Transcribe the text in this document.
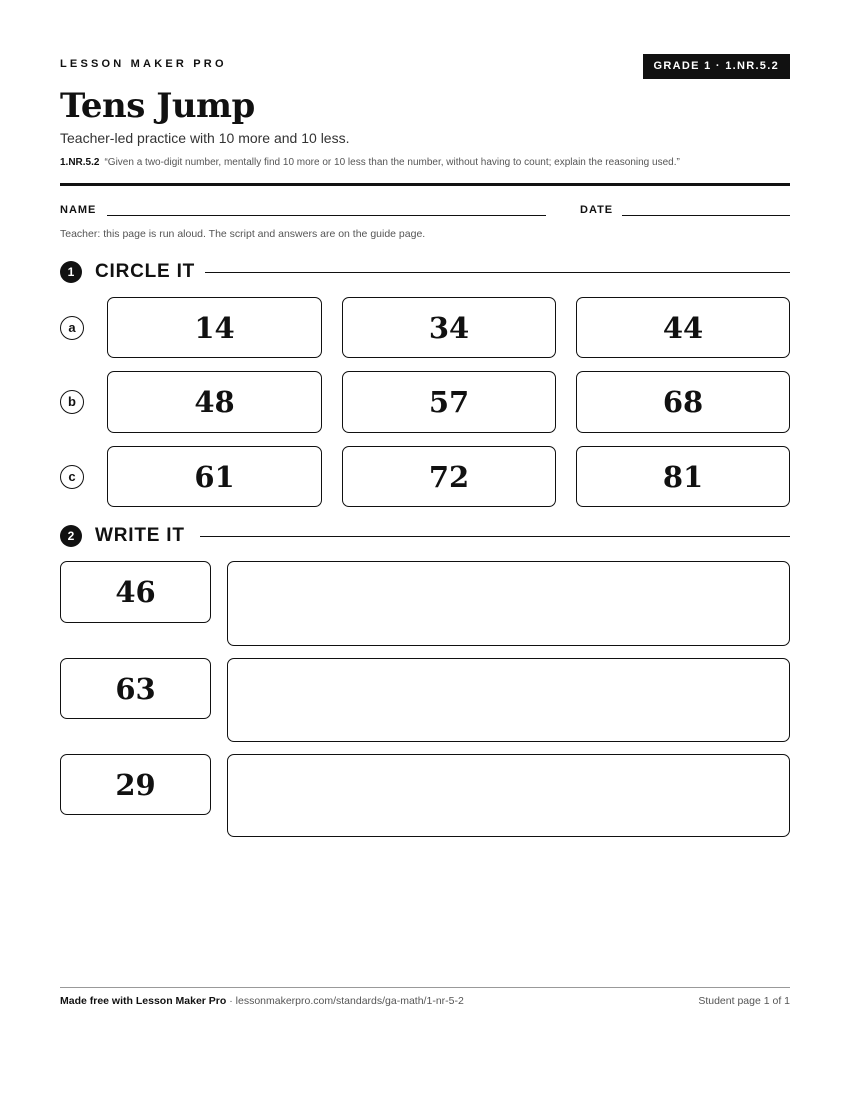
LESSON MAKER PRO	GRADE 1 · 1.NR.5.2
Tens Jump
Teacher-led practice with 10 more and 10 less.
1.NR.5.2 “Given a two-digit number, mentally find 10 more or 10 less than the number, without having to count; explain the reasoning used.”
NAME	DATE
Teacher: this page is run aloud. The script and answers are on the guide page.
1	CIRCLE IT
a	14	34	44
b	48	57	68
c	61	72	81
2	WRITE IT
46
63
29
Made free with Lesson Maker Pro · lessonmakerpro.com/standards/ga-math/1-nr-5-2	Student page 1 of 1
